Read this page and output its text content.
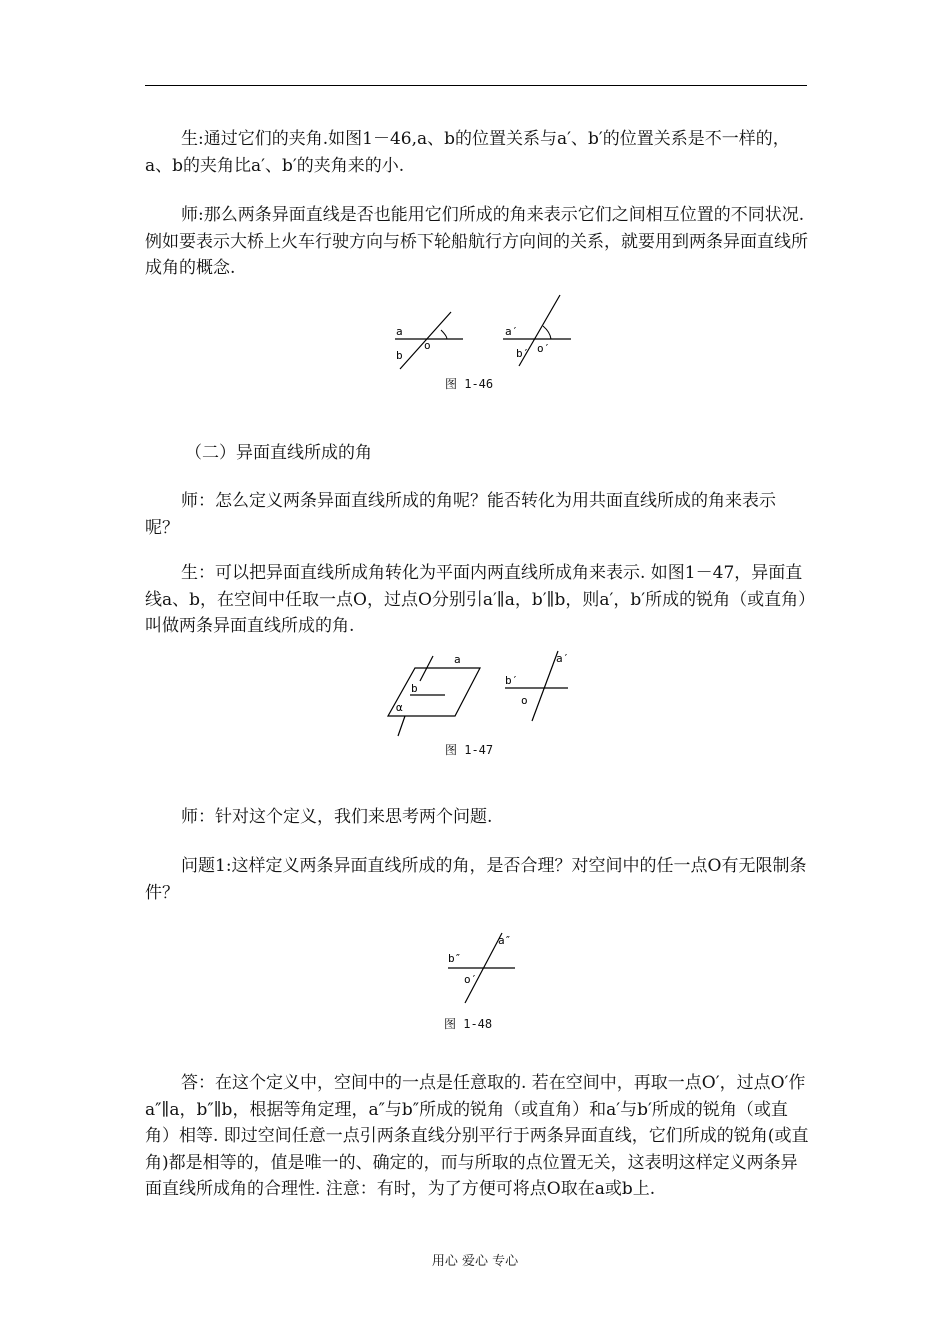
生:通过它们的夹角.如图1－46,a、b的位置关系与a′、b′的位置关系是不一样的，a、b的夹角比a′、b′的夹角来的小.

师:那么两条异面直线是否也能用它们所成的角来表示它们之间相互位置的不同状况.例如要表示大桥上火车行驶方向与桥下轮船航行方向间的关系，就要用到两条异面直线所成角的概念.

a
b
o
a′
b′ o′
图 1-46

（二）异面直线所成的角

师：怎么定义两条异面直线所成的角呢？能否转化为用共面直线所成的角来表示呢？

生：可以把异面直线所成角转化为平面内两直线所成角来表示. 如图1－47，异面直线a、b，在空间中任取一点O，过点O分别引a′∥a，b′∥b，则a′，b′所成的锐角（或直角）叫做两条异面直线所成的角.

a
b
α
a′
b′
o
图 1-47

师：针对这个定义，我们来思考两个问题.

问题1:这样定义两条异面直线所成的角，是否合理？对空间中的任一点O有无限制条件？

a″
b″
o′
图 1-48

答：在这个定义中，空间中的一点是任意取的. 若在空间中，再取一点O′，过点O′作a″∥a，b″∥b，根据等角定理，a″与b″所成的锐角（或直角）和a′与b′所成的锐角（或直角）相等. 即过空间任意一点引两条直线分别平行于两条异面直线，它们所成的锐角(或直角)都是相等的，值是唯一的、确定的，而与所取的点位置无关，这表明这样定义两条异面直线所成角的合理性. 注意：有时，为了方便可将点O取在a或b上.

用心 爱心 专心
